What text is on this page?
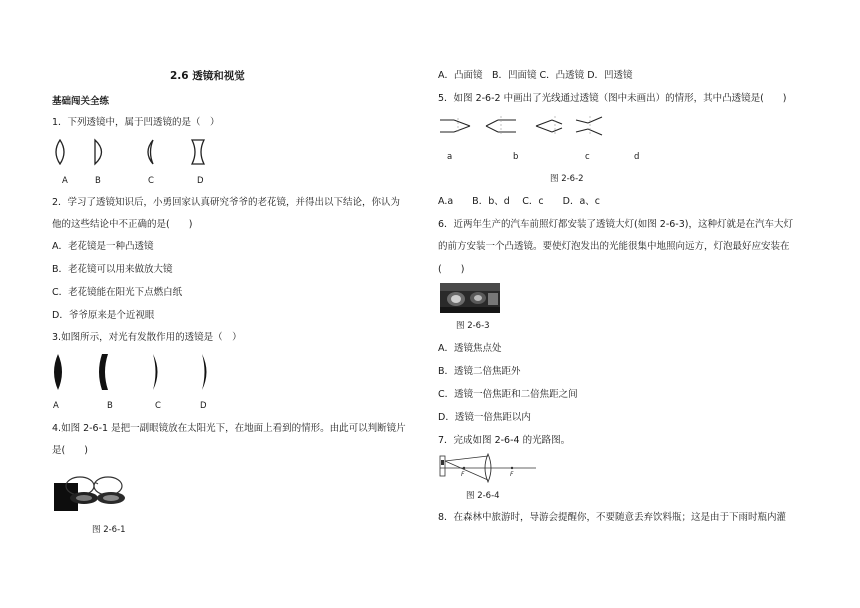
2.6 透镜和视觉
基础闯关全练
1．下列透镜中，属于凹透镜的是（　）
A	B	C	D
2．学习了透镜知识后，小勇回家认真研究爷爷的老花镜，并得出以下结论，你认为
他的这些结论中不正确的是(　　)
A．老花镜是一种凸透镜
B．老花镜可以用来做放大镜
C．老花镜能在阳光下点燃白纸
D．爷爷原来是个近视眼
3.如图所示，对光有发散作用的透镜是（　）
A	B	C	D
4.如图 2-6-1 是把一副眼镜放在太阳光下，在地面上看到的情形。由此可以判断镜片
是(　　)
图 2-6-1
A．凸面镜　B．凹面镜 C．凸透镜 D．凹透镜
5．如图 2-6-2 中画出了光线通过透镜（图中未画出）的情形，其中凸透镜是(　　)
a	b	c	d
图 2-6-2
A.a　　B．b、d　 C．c　　D．a、c
6．近两年生产的汽车前照灯都安装了透镜大灯(如图 2-6-3)，这种灯就是在汽车大灯
的前方安装一个凸透镜。要使灯泡发出的光能很集中地照向远方，灯泡最好应安装在
(　　)
图 2-6-3
A．透镜焦点处
B．透镜二倍焦距外
C．透镜一倍焦距和二倍焦距之间
D．透镜一倍焦距以内
7．完成如图 2-6-4 的光路图。
F	F
图 2-6-4
8．在森林中旅游时，导游会提醒你，不要随意丢弃饮料瓶；这是由于下雨时瓶内灌
